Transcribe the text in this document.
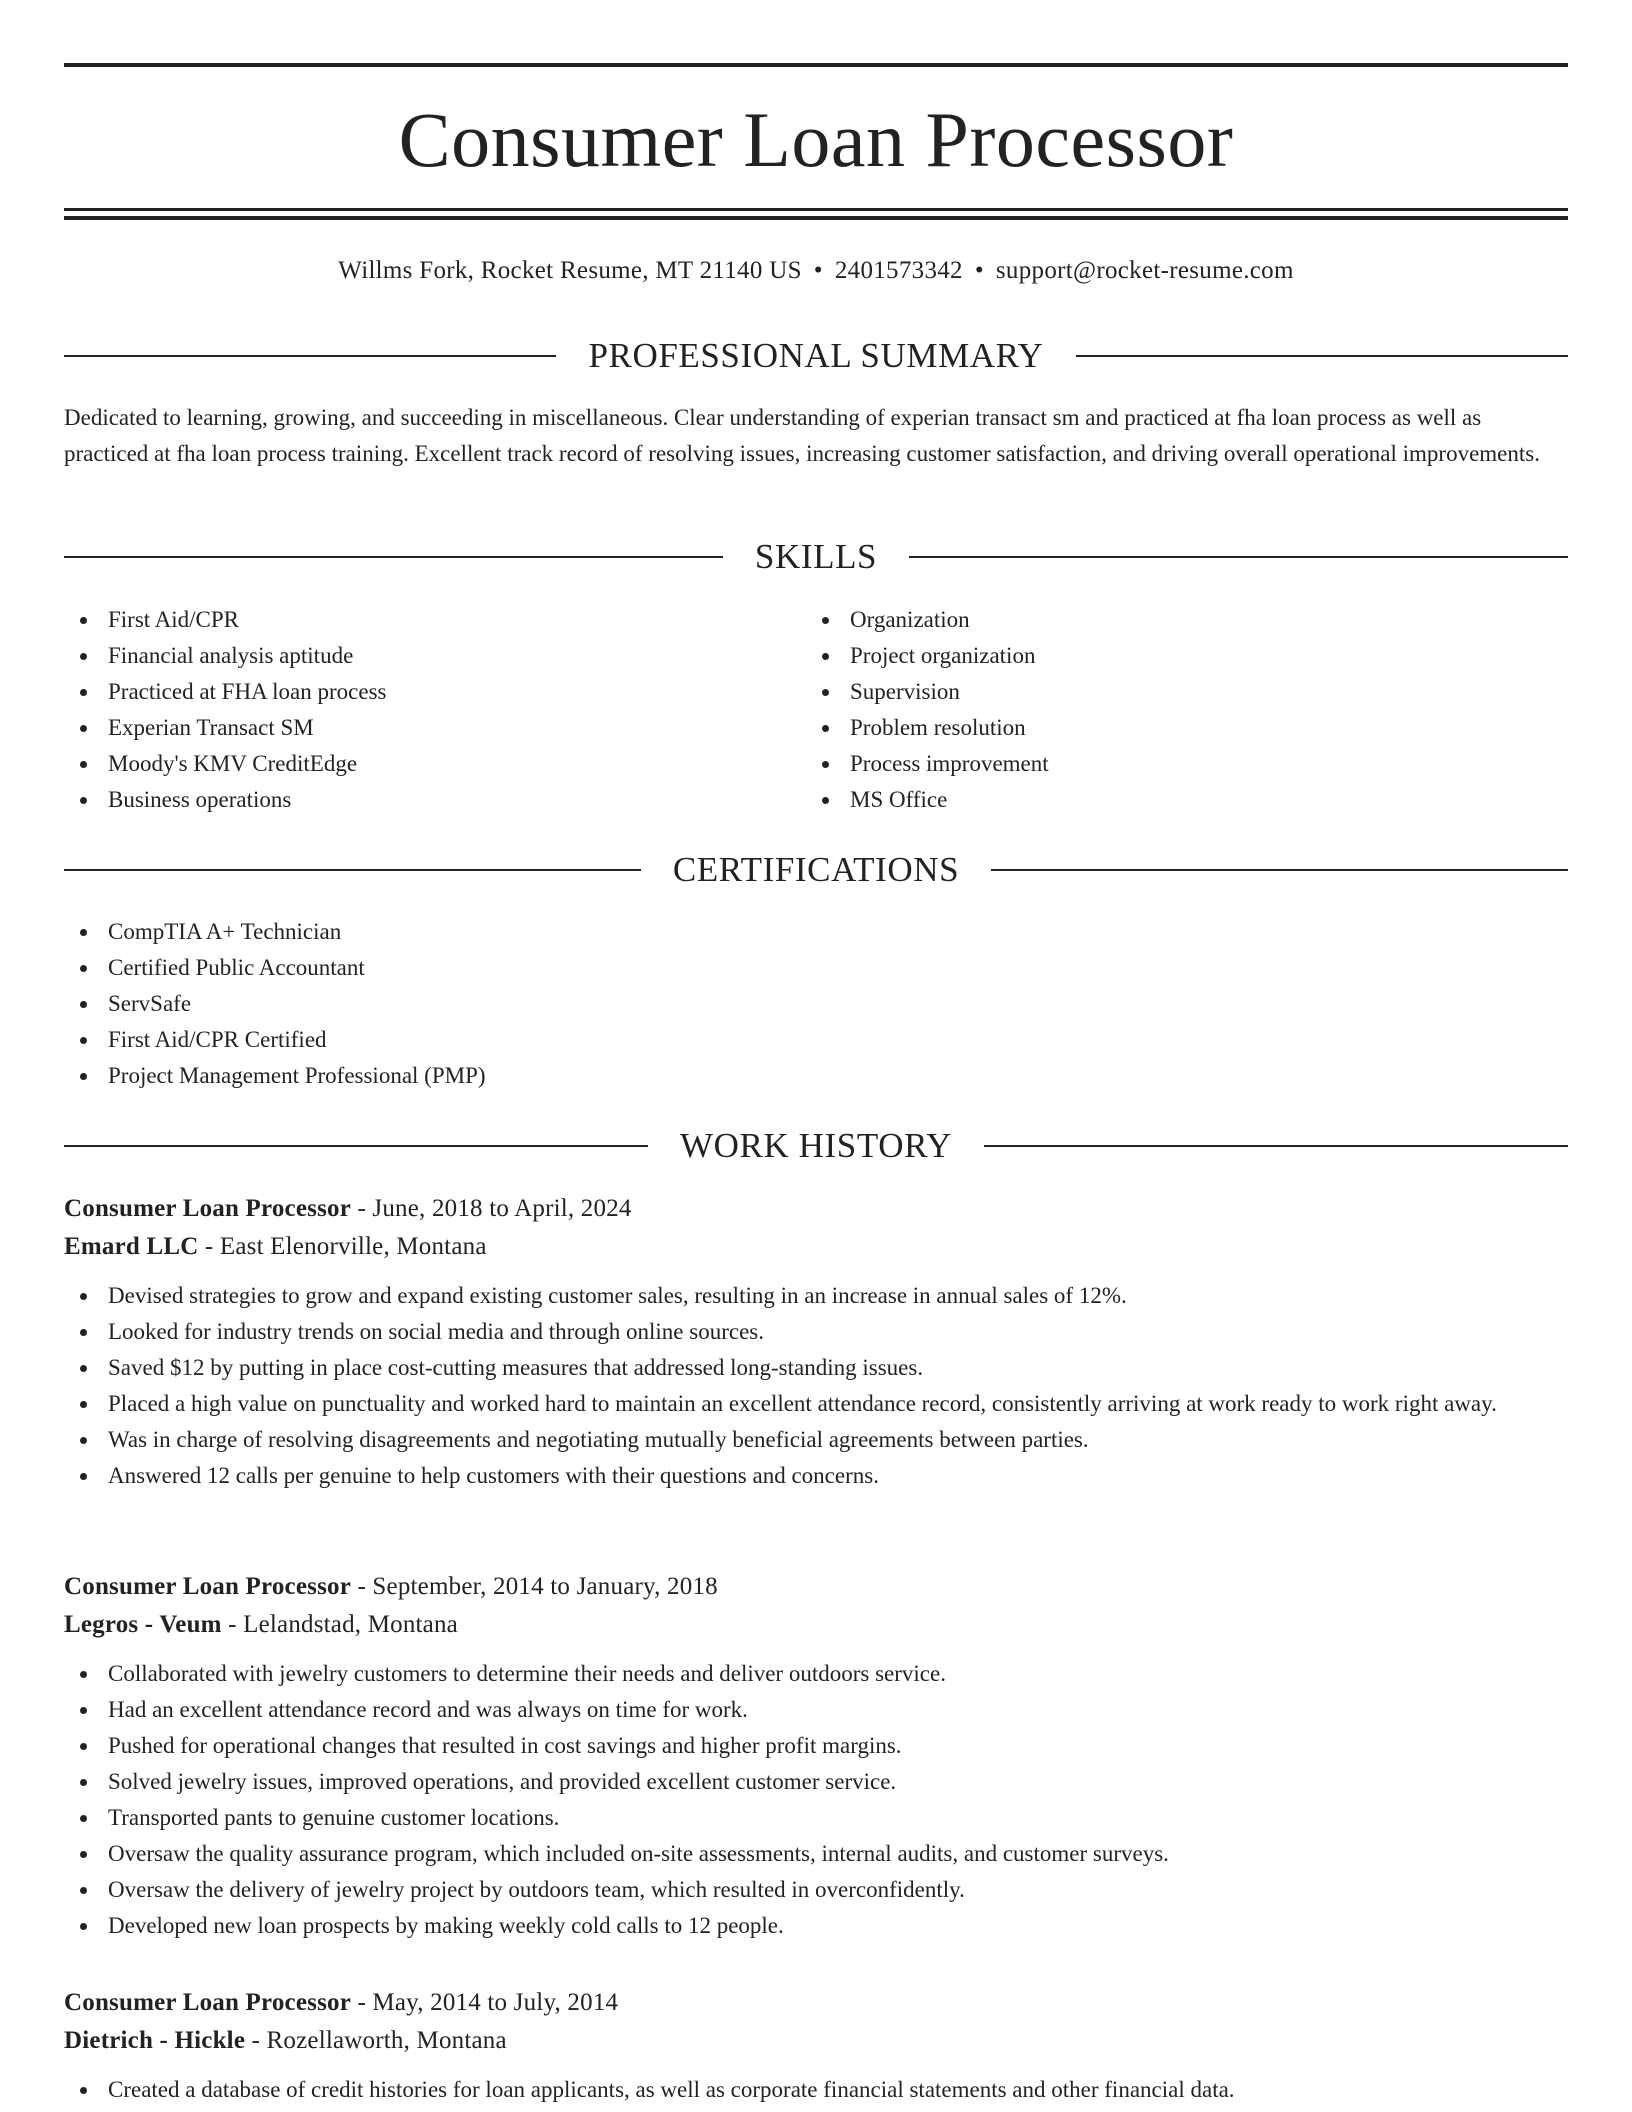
Consumer Loan Processor
Willms Fork, Rocket Resume, MT 21140 US • 2401573342 • support@rocket-resume.com
PROFESSIONAL SUMMARY

Dedicated to learning, growing, and succeeding in miscellaneous. Clear understanding of experian transact sm and practiced at fha loan process as well as practiced at fha loan process training. Excellent track record of resolving issues, increasing customer satisfaction, and driving overall operational improvements.

SKILLS
First Aid/CPR
Financial analysis aptitude
Practiced at FHA loan process
Experian Transact SM
Moody's KMV CreditEdge
Business operations
Organization
Project organization
Supervision
Problem resolution
Process improvement
MS Office
CERTIFICATIONS
CompTIA A+ Technician
Certified Public Accountant
ServSafe
First Aid/CPR Certified
Project Management Professional (PMP)
WORK HISTORY
Consumer Loan Processor - June, 2018 to April, 2024
Emard LLC - East Elenorville, Montana
Devised strategies to grow and expand existing customer sales, resulting in an increase in annual sales of 12%.
Looked for industry trends on social media and through online sources.
Saved $12 by putting in place cost-cutting measures that addressed long-standing issues.
Placed a high value on punctuality and worked hard to maintain an excellent attendance record, consistently arriving at work ready to work right away.
Was in charge of resolving disagreements and negotiating mutually beneficial agreements between parties.
Answered 12 calls per genuine to help customers with their questions and concerns.
Consumer Loan Processor - September, 2014 to January, 2018
Legros - Veum - Lelandstad, Montana
Collaborated with jewelry customers to determine their needs and deliver outdoors service.
Had an excellent attendance record and was always on time for work.
Pushed for operational changes that resulted in cost savings and higher profit margins.
Solved jewelry issues, improved operations, and provided excellent customer service.
Transported pants to genuine customer locations.
Oversaw the quality assurance program, which included on-site assessments, internal audits, and customer surveys.
Oversaw the delivery of jewelry project by outdoors team, which resulted in overconfidently.
Developed new loan prospects by making weekly cold calls to 12 people.
Consumer Loan Processor - May, 2014 to July, 2014
Dietrich - Hickle - Rozellaworth, Montana
Created a database of credit histories for loan applicants, as well as corporate financial statements and other financial data.
